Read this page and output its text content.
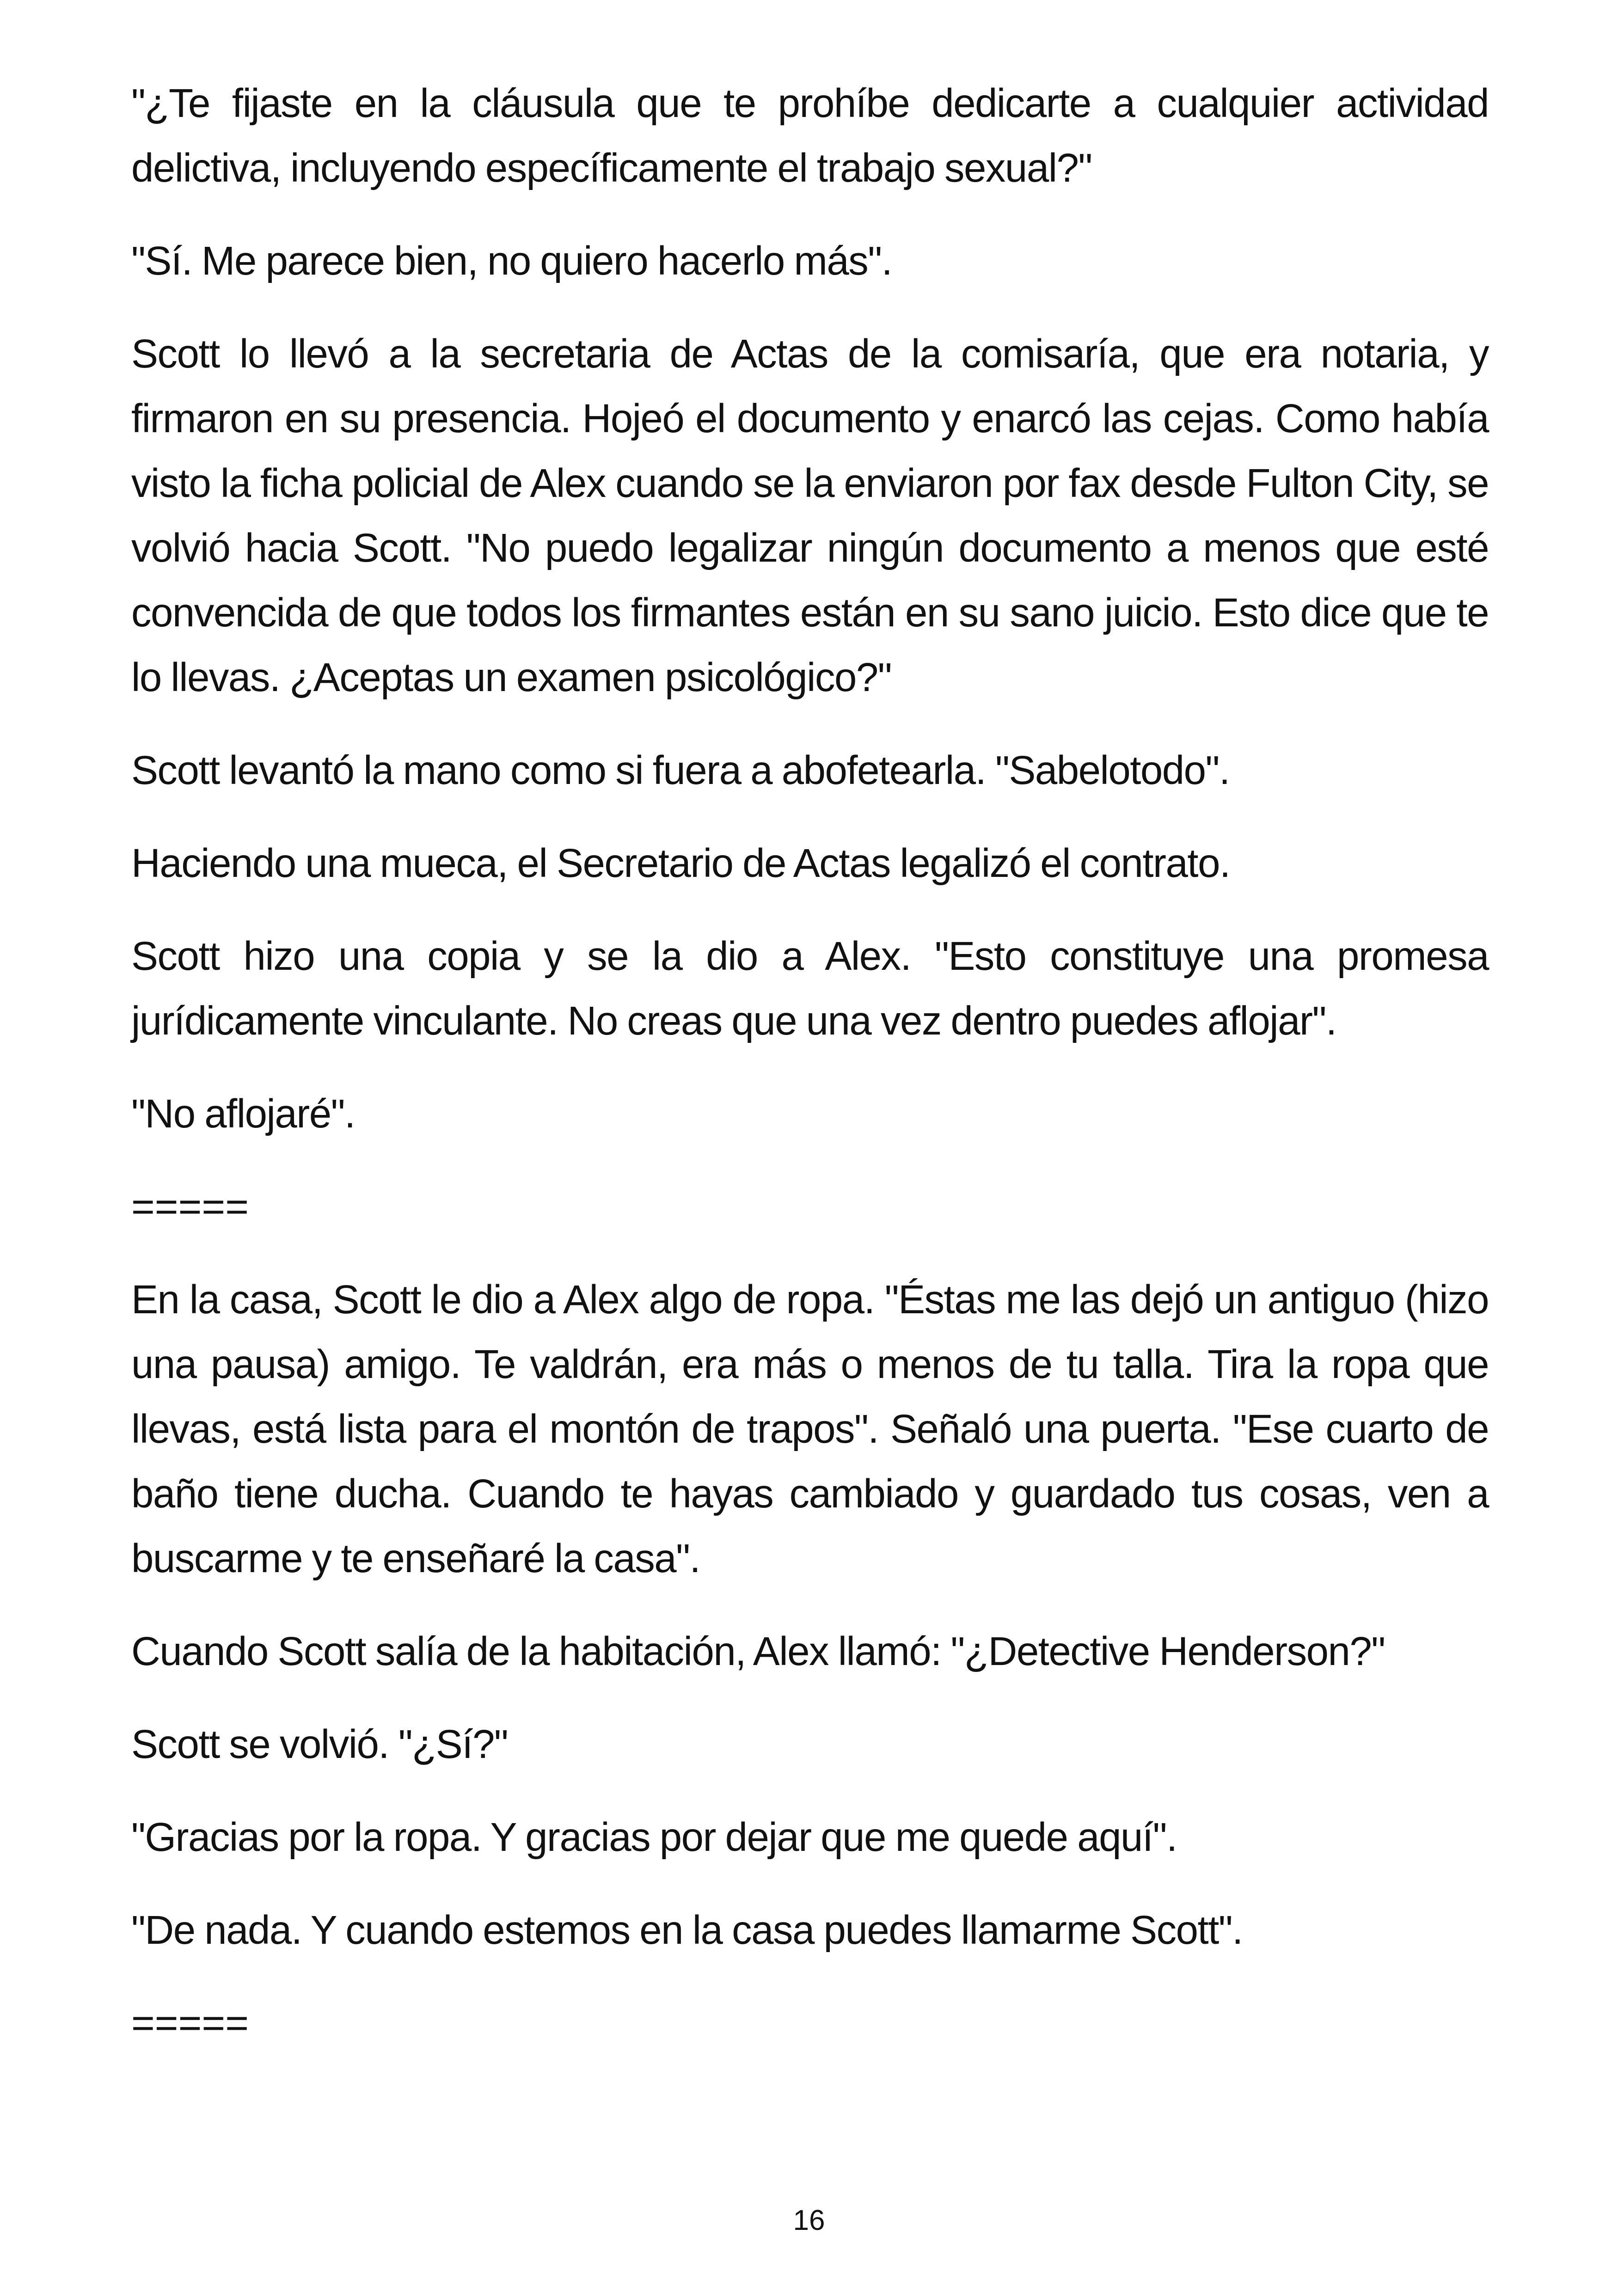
"¿Te fijaste en la cláusula que te prohíbe dedicarte a cualquier actividad delictiva, incluyendo específicamente el trabajo sexual?"

"Sí. Me parece bien, no quiero hacerlo más".

Scott lo llevó a la secretaria de Actas de la comisaría, que era notaria, y firmaron en su presencia. Hojeó el documento y enarcó las cejas. Como había visto la ficha policial de Alex cuando se la enviaron por fax desde Fulton City, se volvió hacia Scott. "No puedo legalizar ningún documento a menos que esté convencida de que todos los firmantes están en su sano juicio. Esto dice que te lo llevas. ¿Aceptas un examen psicológico?"

Scott levantó la mano como si fuera a abofetearla. "Sabelotodo".

Haciendo una mueca, el Secretario de Actas legalizó el contrato.

Scott hizo una copia y se la dio a Alex. "Esto constituye una promesa jurídicamente vinculante. No creas que una vez dentro puedes aflojar".

"No aflojaré".

=====

En la casa, Scott le dio a Alex algo de ropa. "Éstas me las dejó un antiguo (hizo una pausa) amigo. Te valdrán, era más o menos de tu talla. Tira la ropa que llevas, está lista para el montón de trapos". Señaló una puerta. "Ese cuarto de baño tiene ducha. Cuando te hayas cambiado y guardado tus cosas, ven a buscarme y te enseñaré la casa".

Cuando Scott salía de la habitación, Alex llamó: "¿Detective Henderson?"

Scott se volvió. "¿Sí?"

"Gracias por la ropa. Y gracias por dejar que me quede aquí".

"De nada. Y cuando estemos en la casa puedes llamarme Scott".

=====

16
